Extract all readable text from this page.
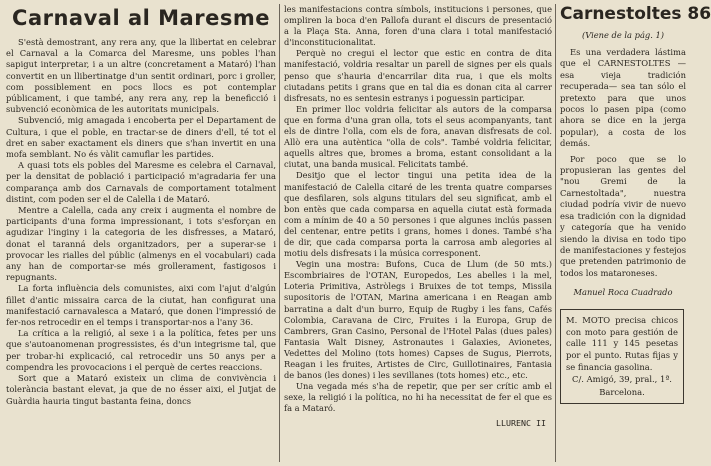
Carnaval al Maresme

S'està demostrant, any rera any, que la llibertat en celebrar el Carnaval a la Comarca del Maresme, uns pobles l'han sapigut interpretar, i a un altre (concretament a Mataró) l'han convertit en un llibertinatge d'un sentit ordinari, porc i groller, com possiblement en pocs llocs es pot contemplar públicament, i que també, any rera any, rep la beneficció i subvenció econòmica de les autoritats municipals.

Subvenció, mig amagada i encoberta per el Departament de Cultura, i que el poble, en tractar-se de diners d'ell, té tot el dret en saber exactament els diners que s'han invertit en una mofa semblant. No és vàlit camuflar les partides.

A quasi tots els pobles del Maresme es celebra el Carnaval, per la densitat de població i participació m'agradaria fer una comparança amb dos Carnavals de comportament totalment distint, com poden ser el de Calella i de Mataró.

Mentre a Calella, cada any creix i augmenta el nombre de participants d'una forma impressionant, i tots s'esforçan en agudizar l'inginy i la categoria de les disfresses, a Mataró, donat el taranná dels organitzadors, per a superar-se i provocar les rialles del públic (almenys en el vocabulari) cada any han de comportar-se més grollerament, fastigosos i repugnants.

La forta influència dels comunistes, aixi com l'ajut d'algún fillet d'antic missaira carca de la ciutat, han configurat una manifestació carnavalesca a Mataró, que donen l'impressió de fer-nos retrocedir en el temps i transportar-nos a l'any 36.

La crítica a la religió, al sexe i a la política, fetes per uns que s'autoanomenan progressistes, és d'un integrisme tal, que per trobar-hi explicació, cal retrocedir uns 50 anys per a compendra les provocacions i el perquè de certes reaccions.

Sort que a Mataró existeix un clima de convivència i tolerància bastant elevat, ja que de no ésser aixi, el Jutjat de Guàrdia hauria tingut bastanta feina, doncs

les manifestacions contra símbols, institucions i persones, que ompliren la boca d'en Pallofa durant el discurs de presentació a la Plaça Sta. Anna, foren d'una clara i total manifestació d'inconstitucionalitat.

Perquè no cregui el lector que estic en contra de dita manifestació, voldria resaltar un parell de signes per els quals penso que s'hauria d'encarrilar dita rua, i que els molts ciutadans petits i grans que en tal dia es donan cita al carrer disfresats, no es sentesin estranys i poguessin participar.

En primer lloc voldria felicitar als autors de la comparsa que en forma d'una gran olla, tots el seus acompanyants, tant els de dintre l'olla, com els de fora, anavan disfresats de col. Allò era una autèntica "olla de cols". També voldria felicitar, aquells altres que, bromes a broma, estant consolidant a la ciutat, una banda musical. Felicitats també.

Desitjo que el lector tingui una petita idea de la manifestació de Calella citaré de les trenta quatre comparses que desfilaren, sols alguns titulars del seu significat, amb el bon entès que cada comparsa en aquella ciutat està formada com a mínim de 40 a 50 persones i que algunes inclús passen del centenar, entre petits i grans, homes i dones. També s'ha de dir, que cada comparsa porta la carrosa amb alegories al motiu dels disfresats i la música corresponent.

Vegin una mostra: Bufons, Cuca de Llum (de 50 mts.) Escombriaires de l'OTAN, Europedos, Les abelles i la mel, Loteria Primitiva, Astròlegs i Bruixes de tot temps, Missila supositoris de l'OTAN, Marina americana i en Reagan amb barratina a dalt d'un burro, Equip de Rugby i les fans, Cafés Colombia, Caravana de Circ, Fruites i la Europa, Grup de Cambrers, Gran Casino, Personal de l'Hotel Palas (dues pales) Fantasia Walt Disney, Astronautes i Galaxies, Avionetes, Vedettes del Molino (tots homes) Capses de Sugus, Pierrots, Reagan i les fruites, Artistes de Circ, Guillotinaires, Fantasia de banos (les dones) i les sevillanes (tots homes) etc., etc.

Una vegada més s'ha de repetir, que per ser crític amb el sexe, la religió i la política, no hi ha necessitat de fer el que es fa a Mataró.

LLURENC II
Carnestoltes 86
(Viene de la pág. 1)

Es una verdadera lástima que el CARNESTOLTES —esa vieja tradición recuperada— sea tan sólo el pretexto para que unos pocos lo pasen pipa (como ahora se dice en la jerga popular), a costa de los demás.

Por poco que se lo propusieran las gentes del "nou Gremi de la Carnestoltada", nuestra ciudad podría vivir de nuevo esa tradición con la dignidad y categoría que ha venido siendo la divisa en todo tipo de manifestaciones y festejos que pretenden patrimonio de todos los mataroneses.

Manuel Roca Cuadrado

M. MOTO precisa chicos con moto para gestión de calle 111 y 145 pesetas por el punto. Rutas fijas y se financia gasolina.

C/. Amigó, 39, pral., 1ª.

Barcelona.
